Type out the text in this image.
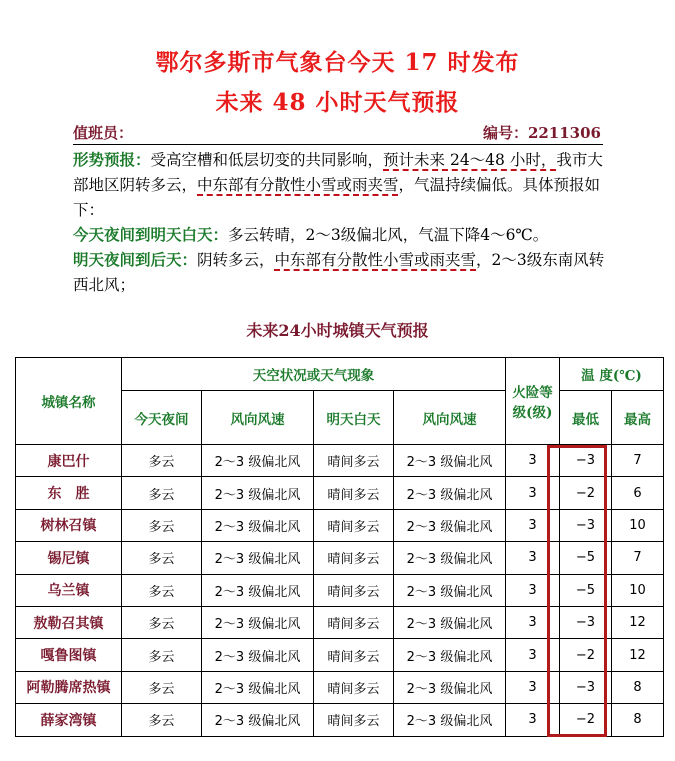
鄂尔多斯市气象台今天 17 时发布
未来 48 小时天气预报
值班员：	编号：2211306
形势预报：受高空槽和低层切变的共同影响，预计未来 24～48 小时，我市大部地区阴转多云，中东部有分散性小雪或雨夹雪，气温持续偏低。具体预报如下：
今天夜间到明天白天：多云转晴，2～3级偏北风，气温下降4～6℃。
明天夜间到后天：阴转多云，中东部有分散性小雪或雨夹雪，2～3级东南风转西北风；
未来24小时城镇天气预报
城镇名称	天空状况或天气现象				火险等级(级)	温 度(℃)	
	今天夜间	风向风速	明天白天	风向风速		最低	最高
康巴什	多云	2～3 级偏北风	晴间多云	2～3 级偏北风	3	−3	7
东　胜	多云	2～3 级偏北风	晴间多云	2～3 级偏北风	3	−2	6
树林召镇	多云	2～3 级偏北风	晴间多云	2～3 级偏北风	3	−3	10
锡尼镇	多云	2～3 级偏北风	晴间多云	2～3 级偏北风	3	−5	7
乌兰镇	多云	2～3 级偏北风	晴间多云	2～3 级偏北风	3	−5	10
敖勒召其镇	多云	2～3 级偏北风	晴间多云	2～3 级偏北风	3	−3	12
嘎鲁图镇	多云	2～3 级偏北风	晴间多云	2～3 级偏北风	3	−2	12
阿勒腾席热镇	多云	2～3 级偏北风	晴间多云	2～3 级偏北风	3	−3	8
薛家湾镇	多云	2～3 级偏北风	晴间多云	2～3 级偏北风	3	−2	8
